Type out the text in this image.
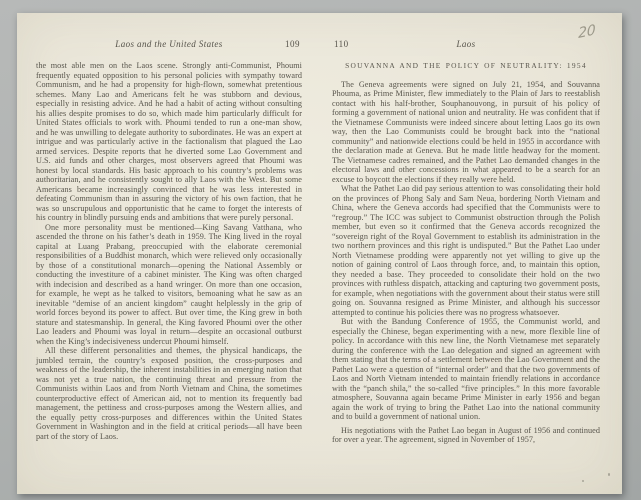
20
Laos and the United States	109

the most able men on the Laos scene. Strongly anti-Communist, Phoumi frequently equated opposition to his personal policies with sympathy toward Communism, and he had a propensity for high-flown, somewhat pretentious schemes. Many Lao and Americans felt he was stubborn and devious, especially in resisting advice. And he had a habit of acting without consulting his allies despite promises to do so, which made him particularly difficult for United States officials to work with. Phoumi tended to run a one-man show, and he was unwilling to delegate authority to subordinates. He was an expert at intrigue and was particularly active in the factionalism that plagued the Lao armed services. Despite reports that he diverted some Lao Government and U.S. aid funds and other charges, most observers agreed that Phoumi was honest by local standards. His basic approach to his country’s problems was authoritarian, and he consistently sought to ally Laos with the West. But some Americans became increasingly convinced that he was less interested in defeating Communism than in assuring the victory of his own faction, that he was so unscrupulous and opportunistic that he came to forget the interests of his country in blindly pursuing ends and ambitions that were purely personal.

One more personality must be mentioned—King Savang Vatthana, who ascended the throne on his father’s death in 1959. The King lived in the royal capital at Luang Prabang, preoccupied with the elaborate ceremonial responsibilities of a Buddhist monarch, which were relieved only occasionally by those of a constitutional monarch—opening the National Assembly or conducting the investiture of a cabinet minister. The King was often charged with indecision and described as a hand wringer. On more than one occasion, for example, he wept as he talked to visitors, bemoaning what he saw as an inevitable “demise of an ancient kingdom” caught helplessly in the grip of world forces beyond its power to affect. But over time, the King grew in both stature and statesmanship. In general, the King favored Phoumi over the other Lao leaders and Phoumi was loyal in return—despite an occasional outburst when the King’s indecisiveness undercut Phoumi himself.

All these different personalities and themes, the physical handicaps, the jumbled terrain, the country’s exposed position, the cross-purposes and weakness of the leadership, the inherent instabilities in an emerging nation that was not yet a true nation, the continuing threat and pressure from the Communists within Laos and from North Vietnam and China, the sometimes counterproductive effect of American aid, not to mention its frequently bad management, the pettiness and cross-purposes among the Western allies, and the equally petty cross-purposes and differences within the United States Government in Washington and in the field at critical periods—all have been part of the story of Laos.

110	Laos
SOUVANNA AND THE POLICY OF NEUTRALITY: 1954

The Geneva agreements were signed on July 21, 1954, and Souvanna Phouma, as Prime Minister, flew immediately to the Plain of Jars to reestablish contact with his half-brother, Souphanouvong, in pursuit of his policy of forming a government of national union and neutrality. He was confident that if the Vietnamese Communists were indeed sincere about letting Laos go its own way, then the Lao Communists could be brought back into the “national community” and nationwide elections could be held in 1955 in accordance with the declaration made at Geneva. But he made little headway for the moment. The Vietnamese cadres remained, and the Pathet Lao demanded changes in the electoral laws and other concessions in what appeared to be a search for an excuse to boycott the elections if they really were held.

What the Pathet Lao did pay serious attention to was consolidating their hold on the provinces of Phong Saly and Sam Neua, bordering North Vietnam and China, where the Geneva accords had specified that the Communists were to “regroup.” The ICC was subject to Communist obstruction through the Polish member, but even so it confirmed that the Geneva accords recognized the “sovereign right of the Royal Government to establish its administration in the two northern provinces and this right is undisputed.” But the Pathet Lao under North Vietnamese prodding were apparently not yet willing to give up the notion of gaining control of Laos through force, and, to maintain this option, they needed a base. They proceeded to consolidate their hold on the two provinces with ruthless dispatch, attacking and capturing two government posts, for example, when negotiations with the government about their status were still going on. Souvanna resigned as Prime Minister, and although his successor attempted to continue his policies there was no progress whatsoever.

But with the Bandung Conference of 1955, the Communist world, and especially the Chinese, began experimenting with a new, more flexible line of policy. In accordance with this new line, the North Vietnamese met separately during the conference with the Lao delegation and signed an agreement with them stating that the terms of a settlement between the Lao Government and the Pathet Lao were a question of “internal order” and that the two governments of Laos and North Vietnam intended to maintain friendly relations in accordance with the “panch shila,” the so-called “five principles.” In this more favorable atmosphere, Souvanna again became Prime Minister in early 1956 and began again the work of trying to bring the Pathet Lao into the national community and to build a government of national union.

His negotiations with the Pathet Lao began in August of 1956 and continued for over a year. The agreement, signed in November of 1957,
